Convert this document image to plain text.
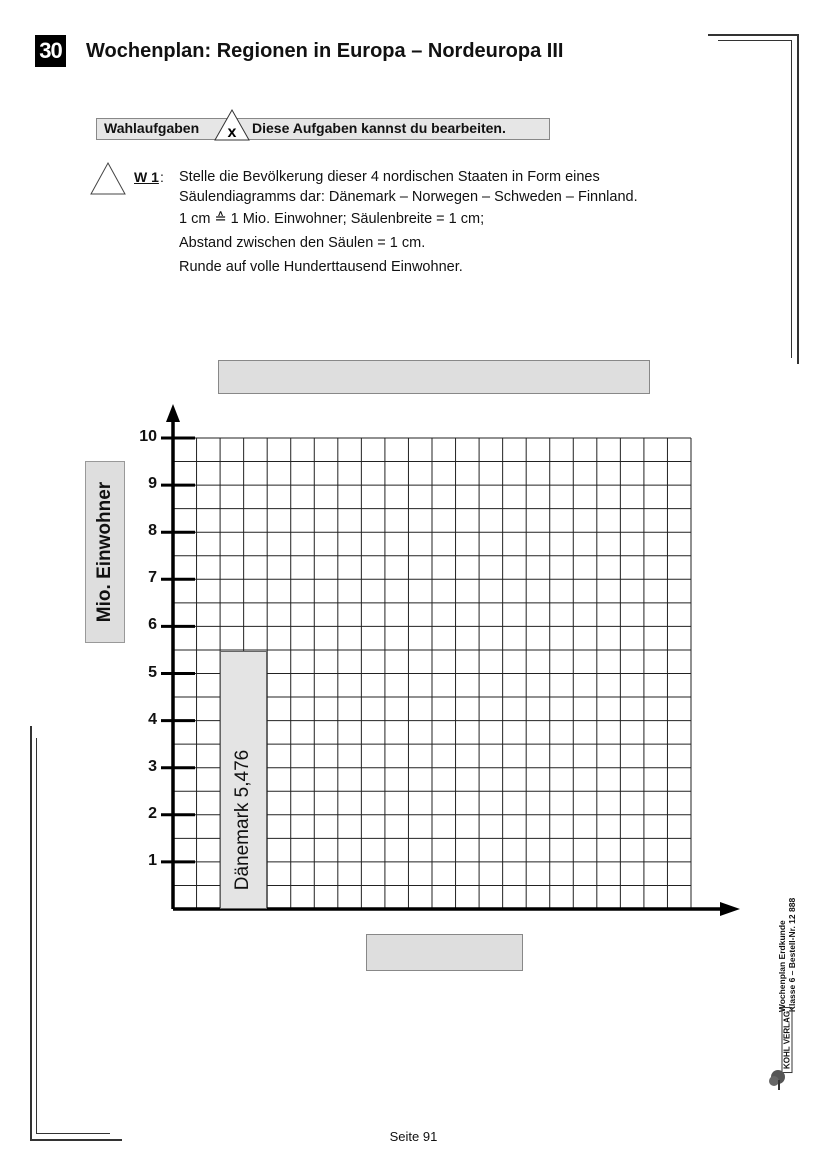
30 Wochenplan: Regionen in Europa – Nordeuropa III
Wahlaufgaben x Diese Aufgaben kannst du bearbeiten.
W 1 : Stelle die Bevölkerung dieser 4 nordischen Staaten in Form eines
Säulendiagramms dar: Dänemark – Norwegen – Schweden – Finnland.
1 cm ≙ 1 Mio. Einwohner; Säulenbreite = 1 cm;
Abstand zwischen den Säulen = 1 cm.
Runde auf volle Hunderttausend Einwohner.
Mio. Einwohner
1
2
3
4
5
6
7
8
9
10
Dänemark 5,476
Seite 91
Wochenplan Erdkunde Klasse 6 – Bestell-Nr. 12 888
KOHL VERLAG
